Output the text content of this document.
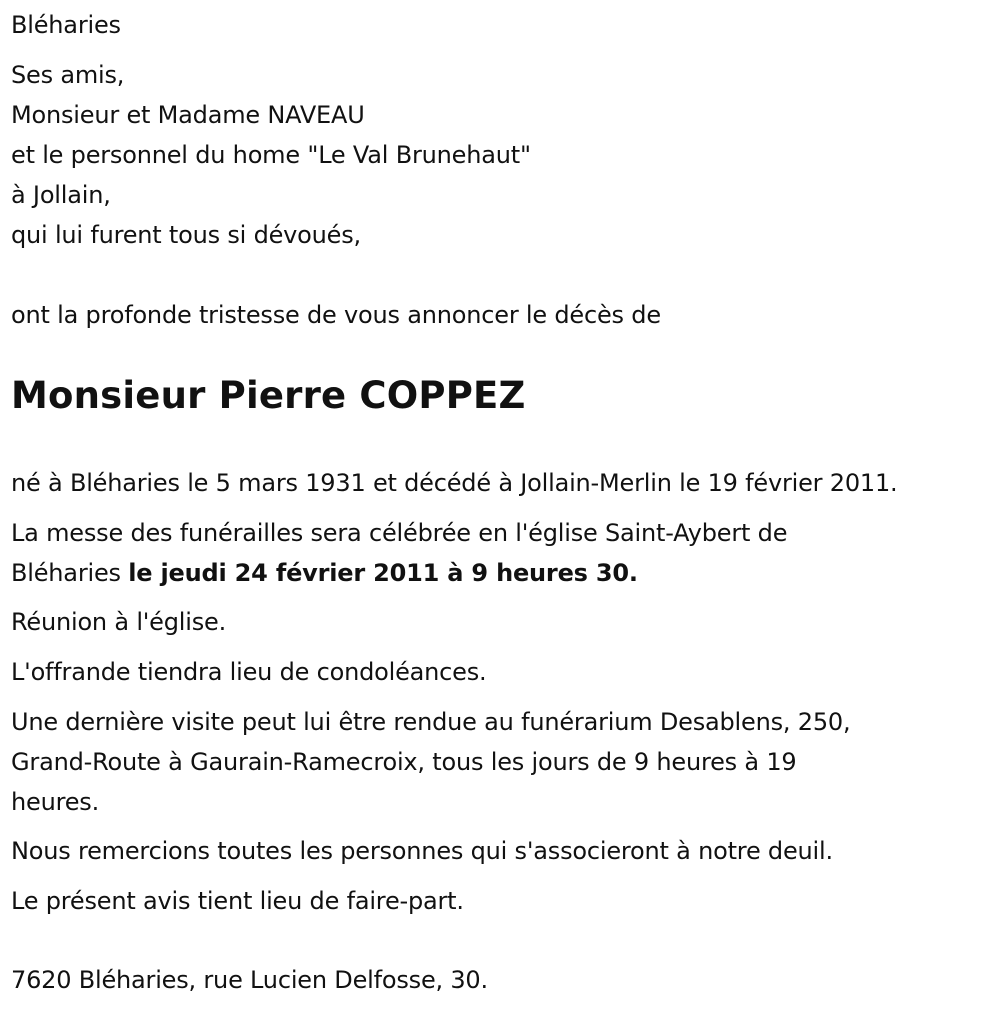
Bléharies
Ses amis,
Monsieur et Madame NAVEAU
et le personnel du home "Le Val Brunehaut"
à Jollain,
qui lui furent tous si dévoués,
ont la profonde tristesse de vous annoncer le décès de
Monsieur Pierre COPPEZ
né à Bléharies le 5 mars 1931 et décédé à Jollain-Merlin le 19 février 2011.
La messe des funérailles sera célébrée en l'église Saint-Aybert de
Bléharies le jeudi 24 février 2011 à 9 heures 30.
Réunion à l'église.
L'offrande tiendra lieu de condoléances.
Une dernière visite peut lui être rendue au funérarium Desablens, 250,
Grand-Route à Gaurain-Ramecroix, tous les jours de 9 heures à 19
heures.
Nous remercions toutes les personnes qui s'associeront à notre deuil.
Le présent avis tient lieu de faire-part.
7620 Bléharies, rue Lucien Delfosse, 30.
